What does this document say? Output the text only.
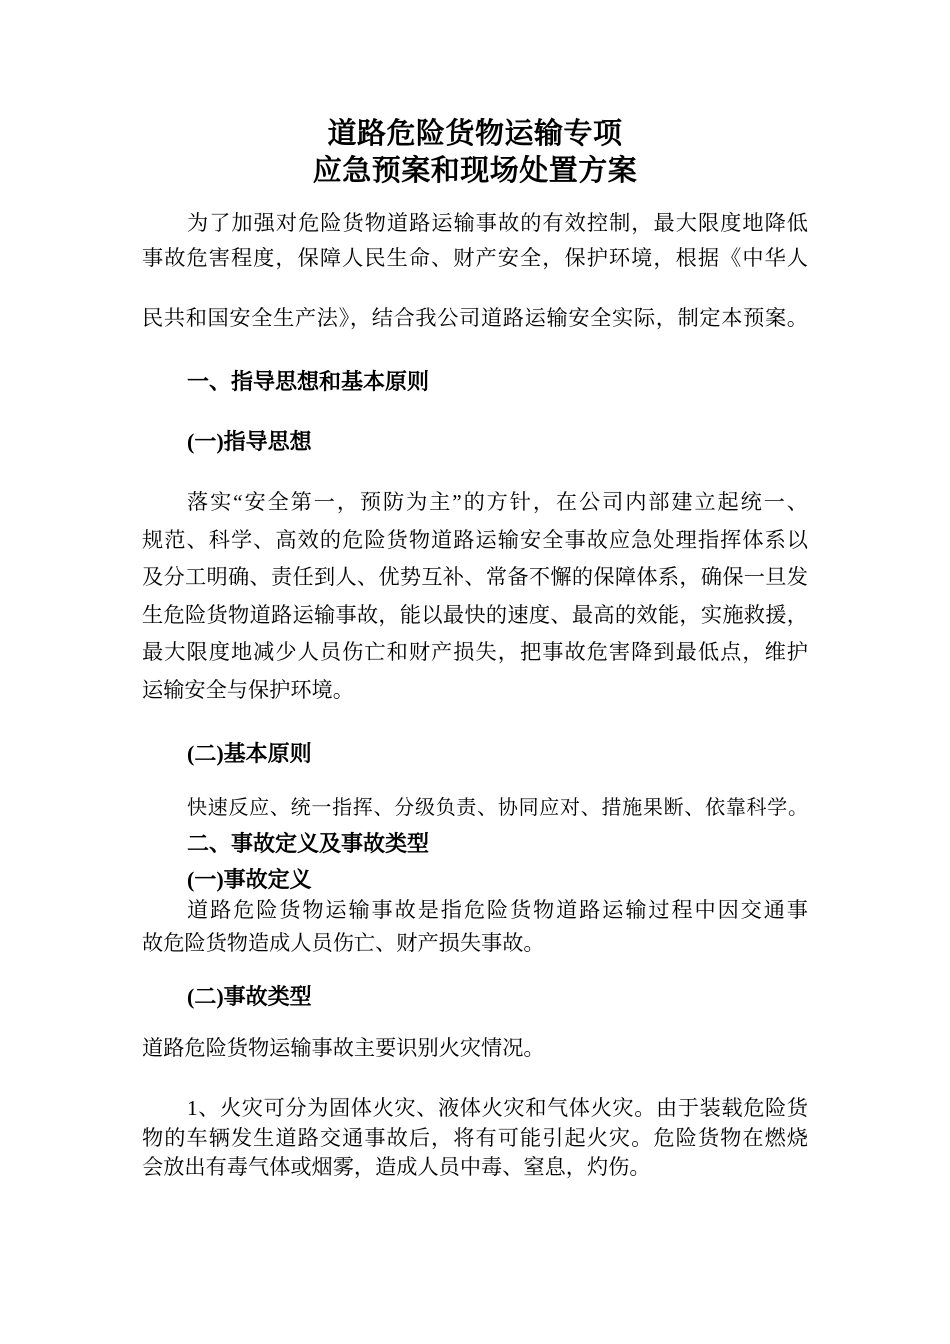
道路危险货物运输专项
应急预案和现场处置方案
为了加强对危险货物道路运输事故的有效控制，最大限度地降低
事故危害程度，保障人民生命、财产安全，保护环境，根据《中华人
民共和国安全生产法》，结合我公司道路运输安全实际，制定本预案。
一、指导思想和基本原则
(一)指导思想
落实“安全第一，预防为主”的方针，在公司内部建立起统一、
规范、科学、高效的危险货物道路运输安全事故应急处理指挥体系以
及分工明确、责任到人、优势互补、常备不懈的保障体系，确保一旦发
生危险货物道路运输事故，能以最快的速度、最高的效能，实施救援，
最大限度地减少人员伤亡和财产损失，把事故危害降到最低点，维护
运输安全与保护环境。
(二)基本原则
快速反应、统一指挥、分级负责、协同应对、措施果断、依靠科学。
二、事故定义及事故类型
(一)事故定义
道路危险货物运输事故是指危险货物道路运输过程中因交通事
故危险货物造成人员伤亡、财产损失事故。
(二)事故类型
道路危险货物运输事故主要识别火灾情况。
1、火灾可分为固体火灾、液体火灾和气体火灾。由于装载危险货
物的车辆发生道路交通事故后，将有可能引起火灾。危险货物在燃烧
会放出有毒气体或烟雾，造成人员中毒、窒息，灼伤。
